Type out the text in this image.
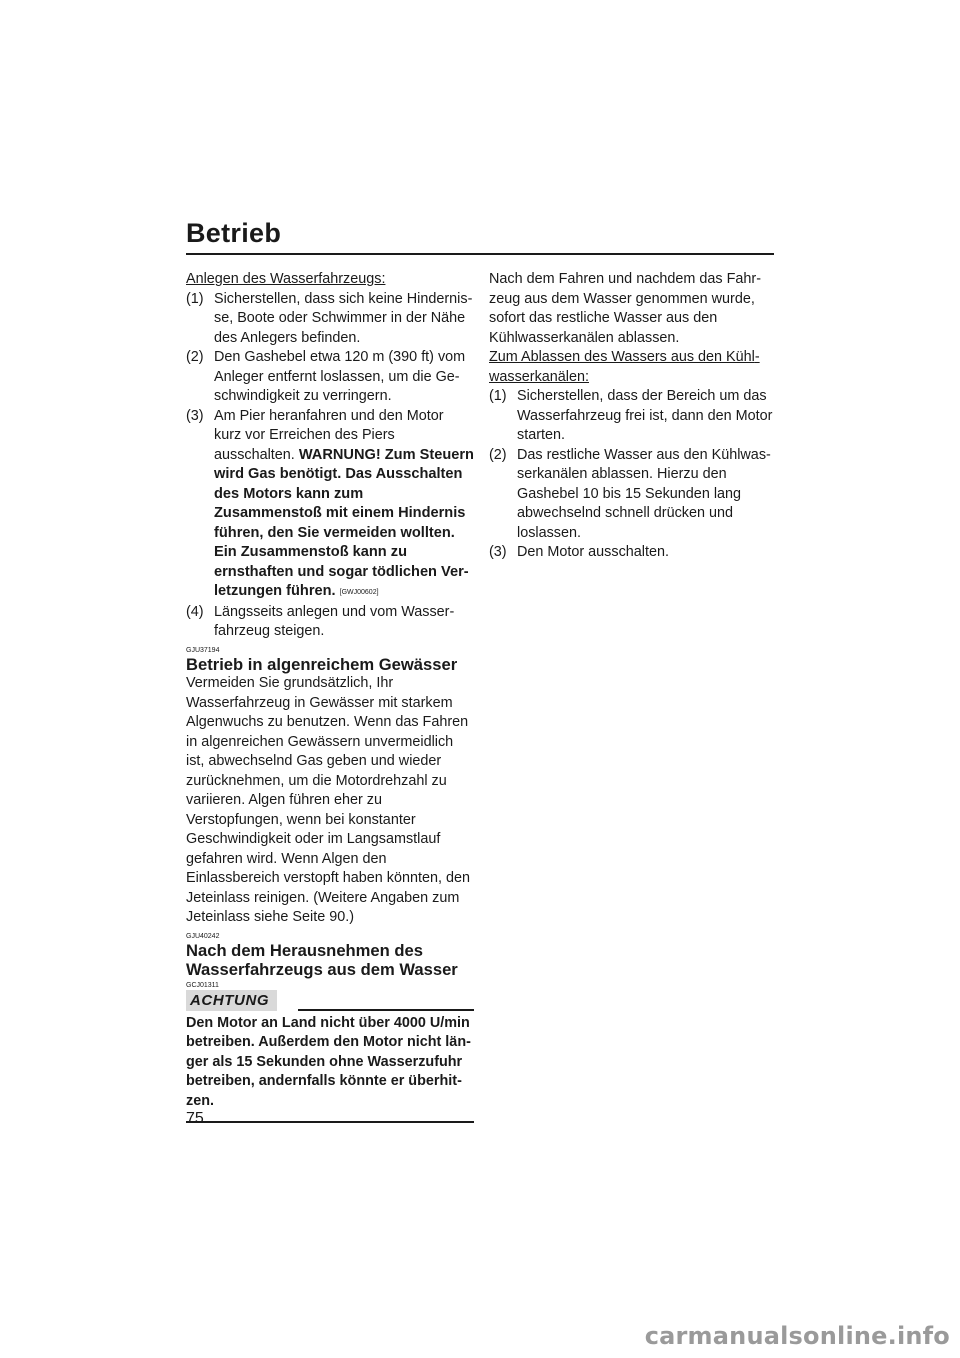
Betrieb
Anlegen des Wasserfahrzeugs:
(1) Sicherstellen, dass sich keine Hindernisse, Boote oder Schwimmer in der Nähe des Anlegers befinden.
(2) Den Gashebel etwa 120 m (390 ft) vom Anleger entfernt loslassen, um die Geschwindigkeit zu verringern.
(3) Am Pier heranfahren und den Motor kurz vor Erreichen des Piers ausschalten. WARNUNG! Zum Steuern wird Gas benötigt. Das Ausschalten des Motors kann zum Zusammenstoß mit einem Hindernis führen, den Sie vermeiden wollten. Ein Zusammenstoß kann zu ernsthaften und sogar tödlichen Verletzungen führen. [GWJ00602]
(4) Längsseits anlegen und vom Wasserfahrzeug steigen.
GJU37194
Betrieb in algenreichem Gewässer
Vermeiden Sie grundsätzlich, Ihr Wasserfahrzeug in Gewässer mit starkem Algenwuchs zu benutzen. Wenn das Fahren in algenreichen Gewässern unvermeidlich ist, abwechselnd Gas geben und wieder zurücknehmen, um die Motordrehzahl zu variieren. Algen führen eher zu Verstopfungen, wenn bei konstanter Geschwindigkeit oder im Langsamstlauf gefahren wird. Wenn Algen den Einlassbereich verstopft haben könnten, den Jeteinlass reinigen. (Weitere Angaben zum Jeteinlass siehe Seite 90.)
GJU40242
Nach dem Herausnehmen des Wasserfahrzeugs aus dem Wasser
GCJ01311
ACHTUNG
Den Motor an Land nicht über 4000 U/min betreiben. Außerdem den Motor nicht länger als 15 Sekunden ohne Wasserzufuhr betreiben, andernfalls könnte er überhitzen.
Nach dem Fahren und nachdem das Fahrzeug aus dem Wasser genommen wurde, sofort das restliche Wasser aus den Kühlwasserkanälen ablassen.
Zum Ablassen des Wassers aus den Kühlwasserkanälen:
(1) Sicherstellen, dass der Bereich um das Wasserfahrzeug frei ist, dann den Motor starten.
(2) Das restliche Wasser aus den Kühlwasserkanälen ablassen. Hierzu den Gashebel 10 bis 15 Sekunden lang abwechselnd schnell drücken und loslassen.
(3) Den Motor ausschalten.
75
carmanualsonline.info
